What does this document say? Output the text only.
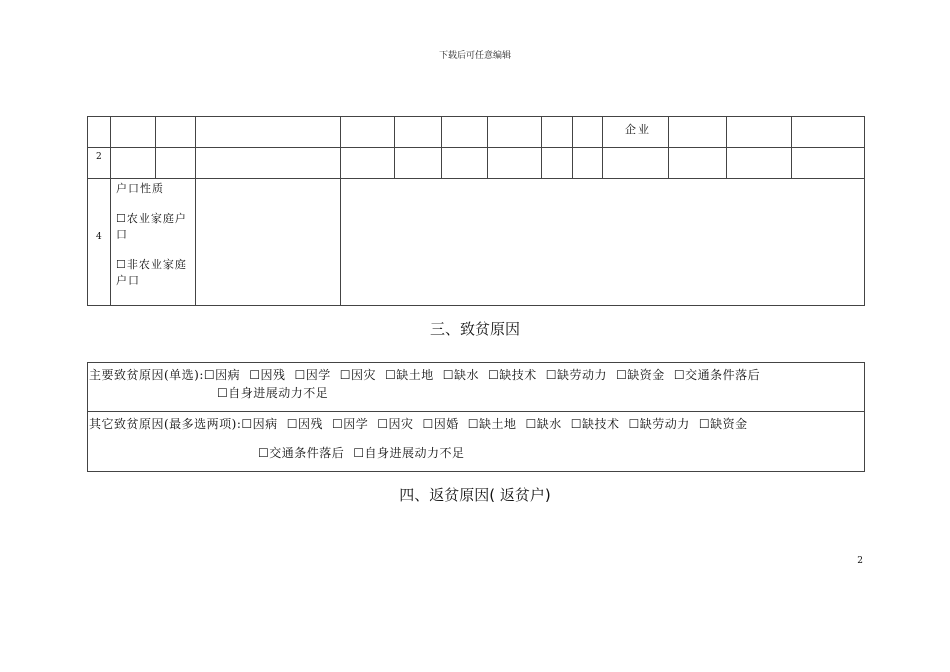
下载后可任意编辑
企业
2
4
户口性质
☐农业家庭户
口
☐非农业家庭
户口
三、致贫原因
主要致贫原因(单选):☐因病 ☐因残 ☐因学 ☐因灾 ☐缺土地 ☐缺水 ☐缺技术 ☐缺劳动力 ☐缺资金 ☐交通条件落后
☐自身进展动力不足
其它致贫原因(最多选两项):☐因病 ☐因残 ☐因学 ☐因灾 ☐因婚 ☐缺土地 ☐缺水 ☐缺技术 ☐缺劳动力 ☐缺资金
☐交通条件落后 ☐自身进展动力不足
四、返贫原因( 返贫户)
2
